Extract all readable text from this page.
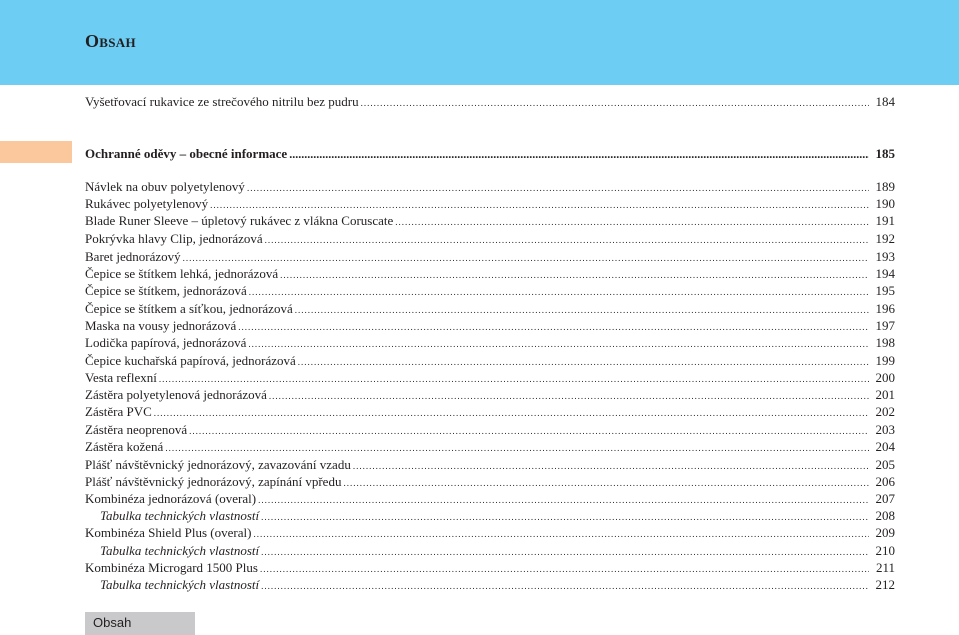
Obsah
Vyšetřovací rukavice ze strečového nitrilu bez pudru .....	184
Ochranné oděvy – obecné informace .....	185
Návlek na obuv polyetylenový .....	189
Rukávec polyetylenový .....	190
Blade Runer Sleeve – úpletový rukávec z vlákna Coruscate .....	191
Pokrývka hlavy Clip, jednorázová .....	192
Baret jednorázový .....	193
Čepice se štítkem lehká, jednorázová .....	194
Čepice se štítkem, jednorázová .....	195
Čepice se štítkem a síťkou, jednorázová .....	196
Maska na vousy jednorázová .....	197
Lodička papírová, jednorázová .....	198
Čepice kuchařská papírová, jednorázová .....	199
Vesta reflexní .....	200
Zástěra polyetylenová jednorázová .....	201
Zástěra PVC .....	202
Zástěra neoprenová .....	203
Zástěra kožená .....	204
Plášť návštěvnický jednorázový, zavazování vzadu .....	205
Plášť návštěvnický jednorázový, zapínání vpředu .....	206
Kombinéza jednorázová (overal) .....	207
Tabulka technických vlastností .....	208
Kombinéza Shield Plus (overal) .....	209
Tabulka technických vlastností .....	210
Kombinéza Microgard 1500 Plus .....	211
Tabulka technických vlastností .....	212
Obsah
